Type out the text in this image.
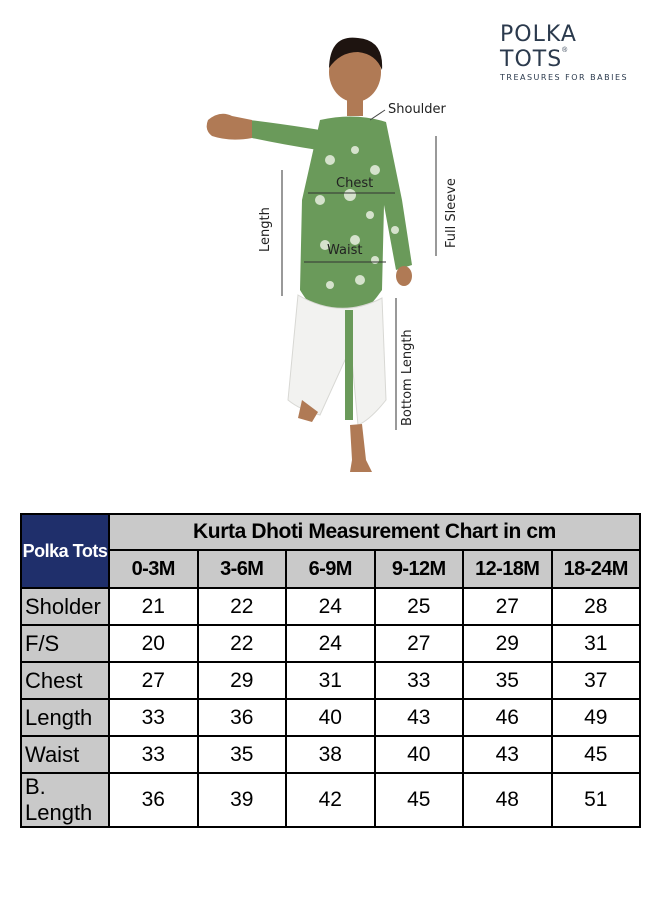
POLKA TOTS®
TREASURES FOR BABIES
Shoulder
Chest
Waist
Length	Full Sleeve
Bottom Length
Polka Tots	Kurta Dhoti Measurement Chart in cm					
	0-3M	3-6M	6-9M	9-12M	12-18M	18-24M
Sholder	21	22	24	25	27	28
F/S	20	22	24	27	29	31
Chest	27	29	31	33	35	37
Length	33	36	40	43	46	49
Waist	33	35	38	40	43	45
B. Length	36	39	42	45	48	51
